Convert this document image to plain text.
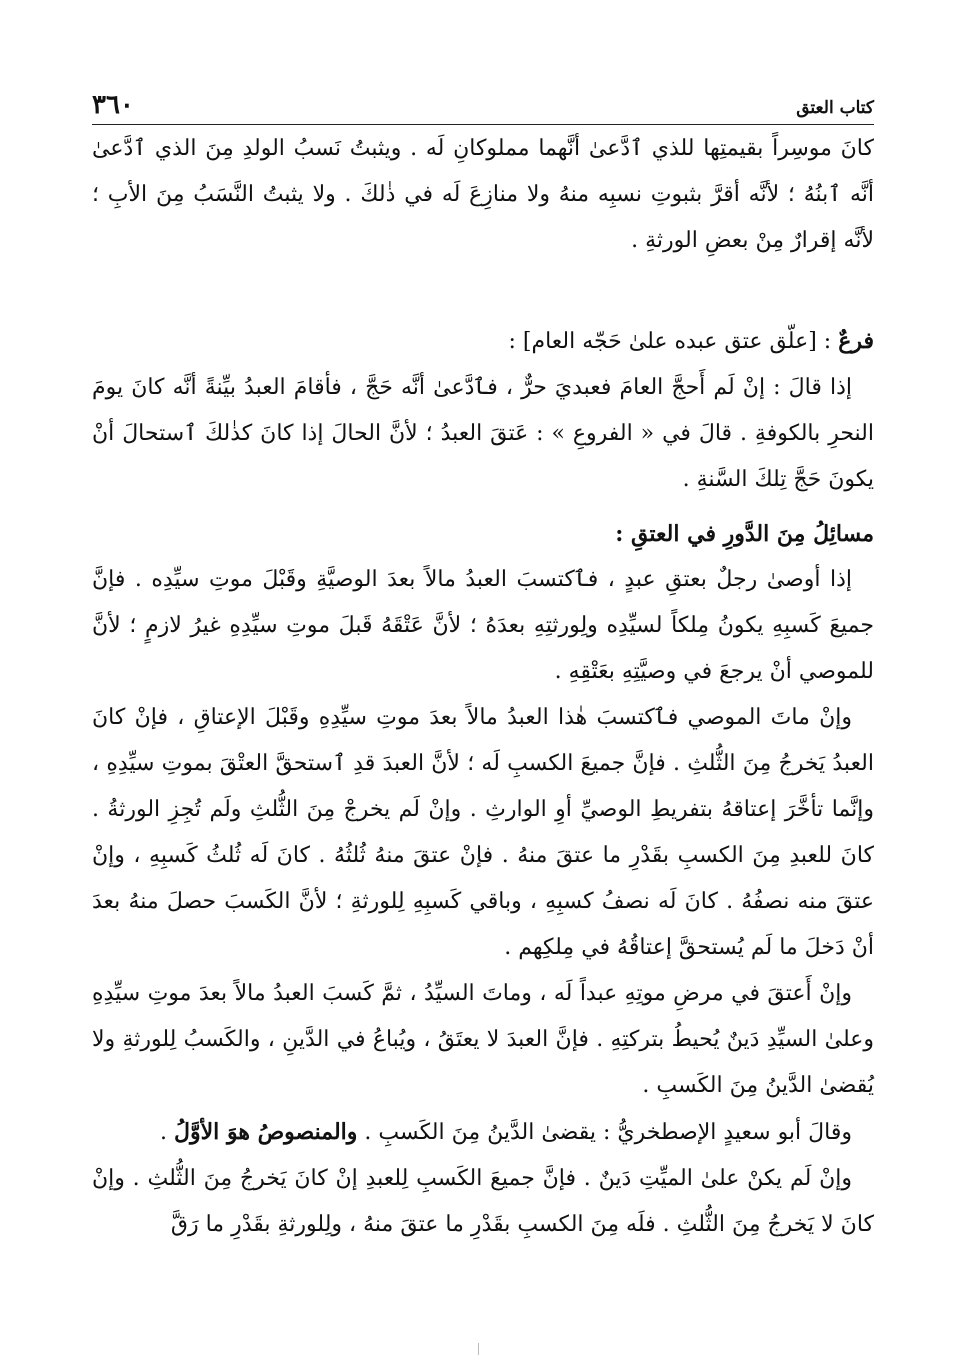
٣٦٠	كتاب العتق

كانَ موسِراً بقيمتِها للذي ٱدَّعىٰ أنَّهما مملوكانِ لَه . ويثبتُ نَسبُ الولدِ مِنَ الذي ٱدَّعىٰ أنَّه ٱبنُهُ ؛ لأنَّه أقرَّ بثبوتِ نسبِه منهُ ولا منازِعَ لَه في ذٰلكَ . ولا يثبتُ النَّسَبُ مِنَ الأبِ ؛ لأنَّه إقرارٌ مِنْ بعضِ الورثةِ .

فرعٌ : [علّق عتق عبده علىٰ حَجّه العام] :

إذا قالَ : إنْ لَم أَحجَّ العامَ فعبديَ حرٌّ ، فٱدَّعىٰ أنَّه حَجَّ ، فأقامَ العبدُ بيِّنةً أنَّه كانَ يومَ النحرِ بالكوفةِ . قالَ في « الفروعِ » : عَتقَ العبدُ ؛ لأنَّ الحالَ إذا كانَ كذٰلكَ ٱستحالَ أنْ يكونَ حَجَّ تِلكَ السَّنةِ .

مسائِلُ مِنَ الدَّورِ في العتقِ :

إذا أوصىٰ رجلٌ بعتقِ عبدٍ ، فٱكتسبَ العبدُ مالاً بعدَ الوصيَّةِ وقَبْلَ موتِ سيِّدِه . فإنَّ جميعَ كَسبِهِ يكونُ مِلكاً لسيِّدِه ولِورثتِهِ بعدَهُ ؛ لأنَّ عَتْقَهُ قَبلَ موتِ سيِّدِهِ غيرُ لازمٍ ؛ لأنَّ للموصي أنْ يرجعَ في وصيَّتِهِ بعَتْقِهِ .

وإنْ ماتَ الموصي فٱكتسبَ هٰذا العبدُ مالاً بعدَ موتِ سيِّدِهِ وقَبْلَ الإعتاقِ ، فإنْ كانَ العبدُ يَخرجُ مِنَ الثُّلثِ . فإنَّ جميعَ الكسبِ لَه ؛ لأنَّ العبدَ قدِ ٱستحقَّ العتْقَ بموتِ سيِّدِهِ ، وإنَّما تأخَّرَ إعتاقهُ بتفريطِ الوصيِّ أوِ الوارثِ . وإنْ لَم يخرجْ مِنَ الثُّلثِ ولَم تُجِزِ الورثةُ . كانَ للعبدِ مِنَ الكسبِ بقَدْرِ ما عتقَ منهُ . فإنْ عتقَ منهُ ثُلثُهُ . كانَ لَه ثُلثُ كَسبِهِ ، وإنْ عتقَ منه نصفُهُ . كانَ لَه نصفُ كسبِهِ ، وباقي كَسبِهِ لِلورثةِ ؛ لأنَّ الكَسبَ حصلَ منهُ بعدَ أنْ دَخلَ ما لَم يُستحقَّ إعتاقُهُ في مِلكِهم .

وإنْ أَعتقَ في مرضِ موتِهِ عبداً لَه ، وماتَ السيِّدُ ، ثمَّ كَسبَ العبدُ مالاً بعدَ موتِ سيِّدِهِ وعلىٰ السيِّدِ دَينٌ يُحيطُ بتركتِهِ . فإنَّ العبدَ لا يعتَقُ ، ويُباعُ في الدَّينِ ، والكَسبُ لِلورثةِ ولا يُقضىٰ الدَّينُ مِنَ الكَسبِ .

وقالَ أبو سعيدٍ الإصطخريُّ : يقضىٰ الدَّينُ مِنَ الكَسبِ . والمنصوصُ هوَ الأوَّلُ .

وإنْ لَم يكنْ علىٰ الميِّتِ دَينٌ . فإنَّ جميعَ الكَسبِ لِلعبدِ إنْ كانَ يَخرجُ مِنَ الثُّلثِ . وإنْ كانَ لا يَخرجُ مِنَ الثُّلثِ . فلَه مِنَ الكسبِ بقَدْرِ ما عتقَ منهُ ، ولِلورثةِ بقَدْرِ ما رَقَّ
